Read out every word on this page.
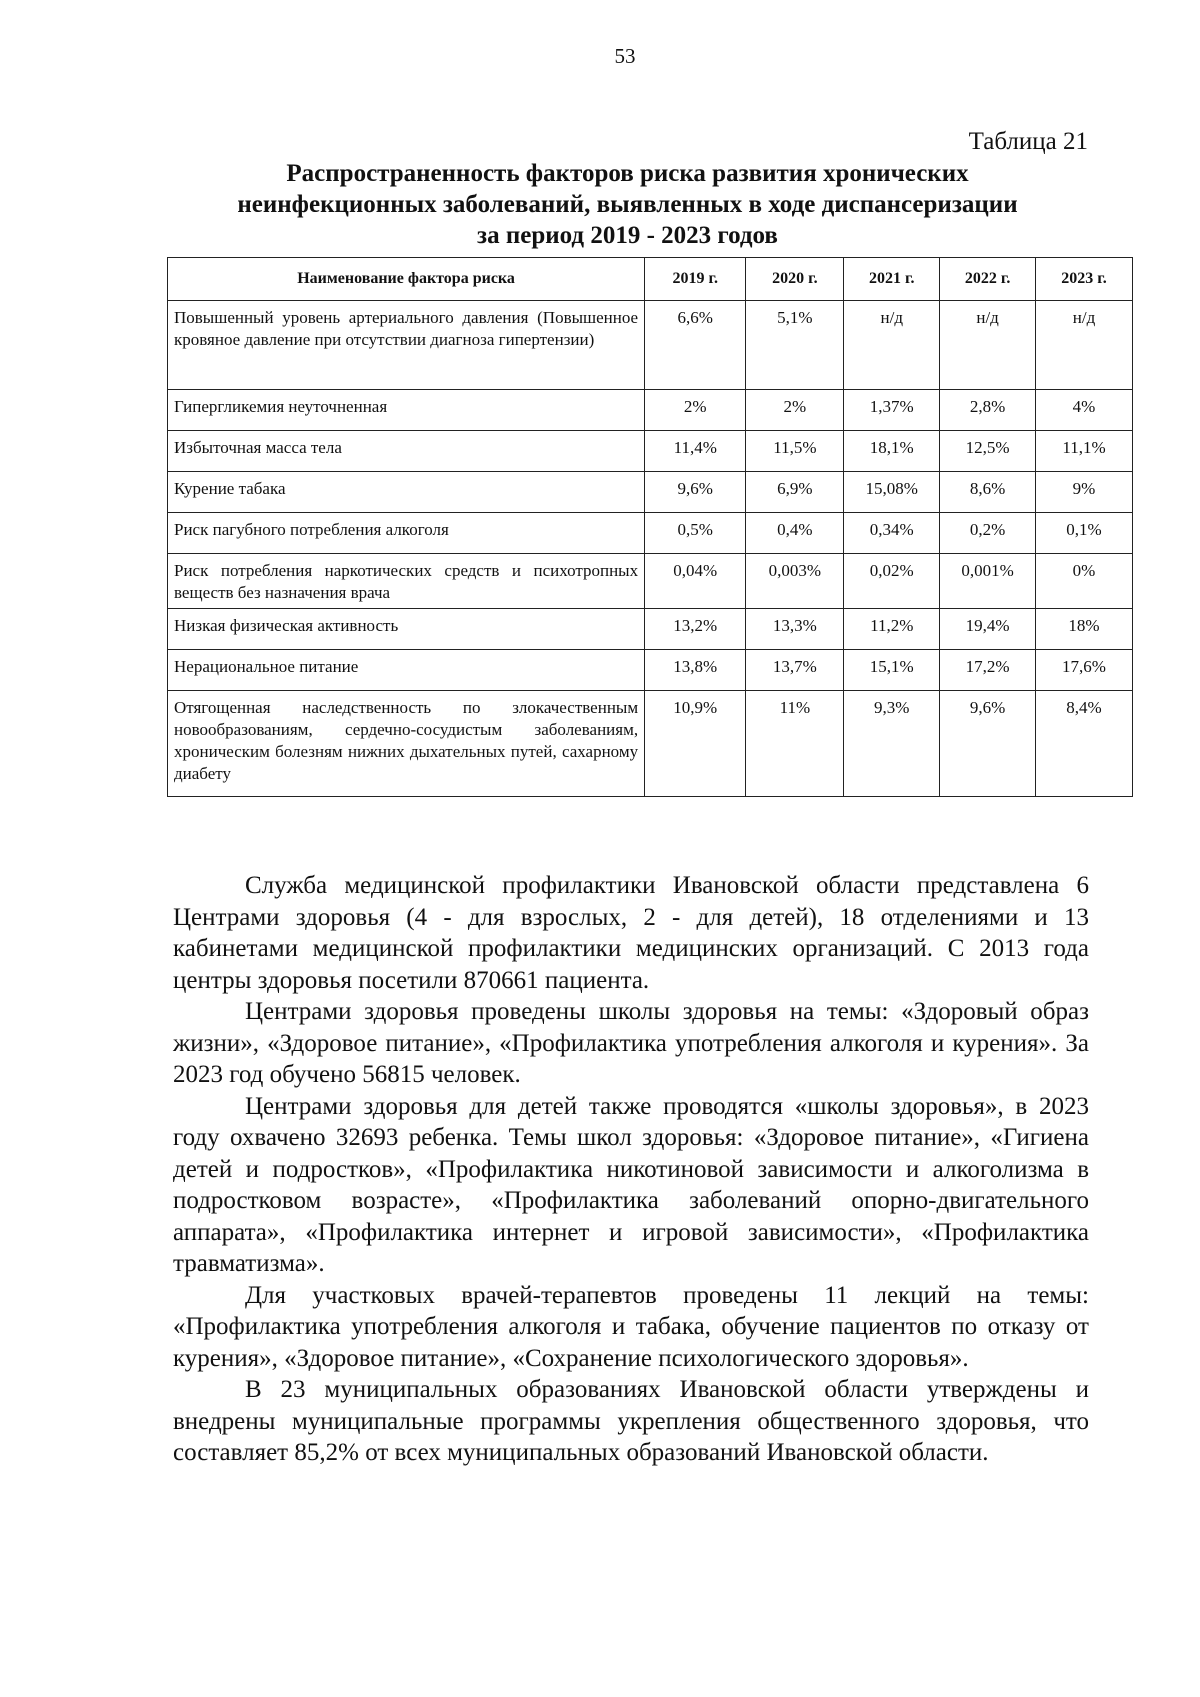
53
Таблица 21
Распространенность факторов риска развития хронических
неинфекционных заболеваний, выявленных в ходе диспансеризации
за период 2019 - 2023 годов
Наименование фактора риска	2019 г.	2020 г.	2021 г.	2022 г.	2023 г.
Повышенный уровень артериального давления (Повышенное кровяное давление при отсутствии диагноза гипертензии)	6,6%	5,1%	н/д	н/д	н/д
Гипергликемия неуточненная	2%	2%	1,37%	2,8%	4%
Избыточная масса тела	11,4%	11,5%	18,1%	12,5%	11,1%
Курение табака	9,6%	6,9%	15,08%	8,6%	9%
Риск пагубного потребления алкоголя	0,5%	0,4%	0,34%	0,2%	0,1%
Риск потребления наркотических средств и психотропных веществ без назначения врача	0,04%	0,003%	0,02%	0,001%	0%
Низкая физическая активность	13,2%	13,3%	11,2%	19,4%	18%
Нерациональное питание	13,8%	13,7%	15,1%	17,2%	17,6%
Отягощенная наследственность по злокачественным новообразованиям, сердечно-сосудистым заболеваниям, хроническим болезням нижних дыхательных путей, сахарному диабету	10,9%	11%	9,3%	9,6%	8,4%

Служба медицинской профилактики Ивановской области представлена 6 Центрами здоровья (4 - для взрослых, 2 - для детей), 18 отделениями и 13 кабинетами медицинской профилактики медицинских организаций. С 2013 года центры здоровья посетили 870661 пациента.

Центрами здоровья проведены школы здоровья на темы: «Здоровый образ жизни», «Здоровое питание», «Профилактика употребления алкоголя и курения». За 2023 год обучено 56815 человек.

Центрами здоровья для детей также проводятся «школы здоровья», в 2023 году охвачено 32693 ребенка. Темы школ здоровья: «Здоровое питание», «Гигиена детей и подростков», «Профилактика никотиновой зависимости и алкоголизма в подростковом возрасте», «Профилактика заболеваний опорно-двигательного аппарата», «Профилактика интернет и игровой зависимости», «Профилактика травматизма».

Для участковых врачей-терапевтов проведены 11 лекций на темы: «Профилактика употребления алкоголя и табака, обучение пациентов по отказу от курения», «Здоровое питание», «Сохранение психологического здоровья».

В 23 муниципальных образованиях Ивановской области утверждены и внедрены муниципальные программы укрепления общественного здоровья, что составляет 85,2% от всех муниципальных образований Ивановской области.
